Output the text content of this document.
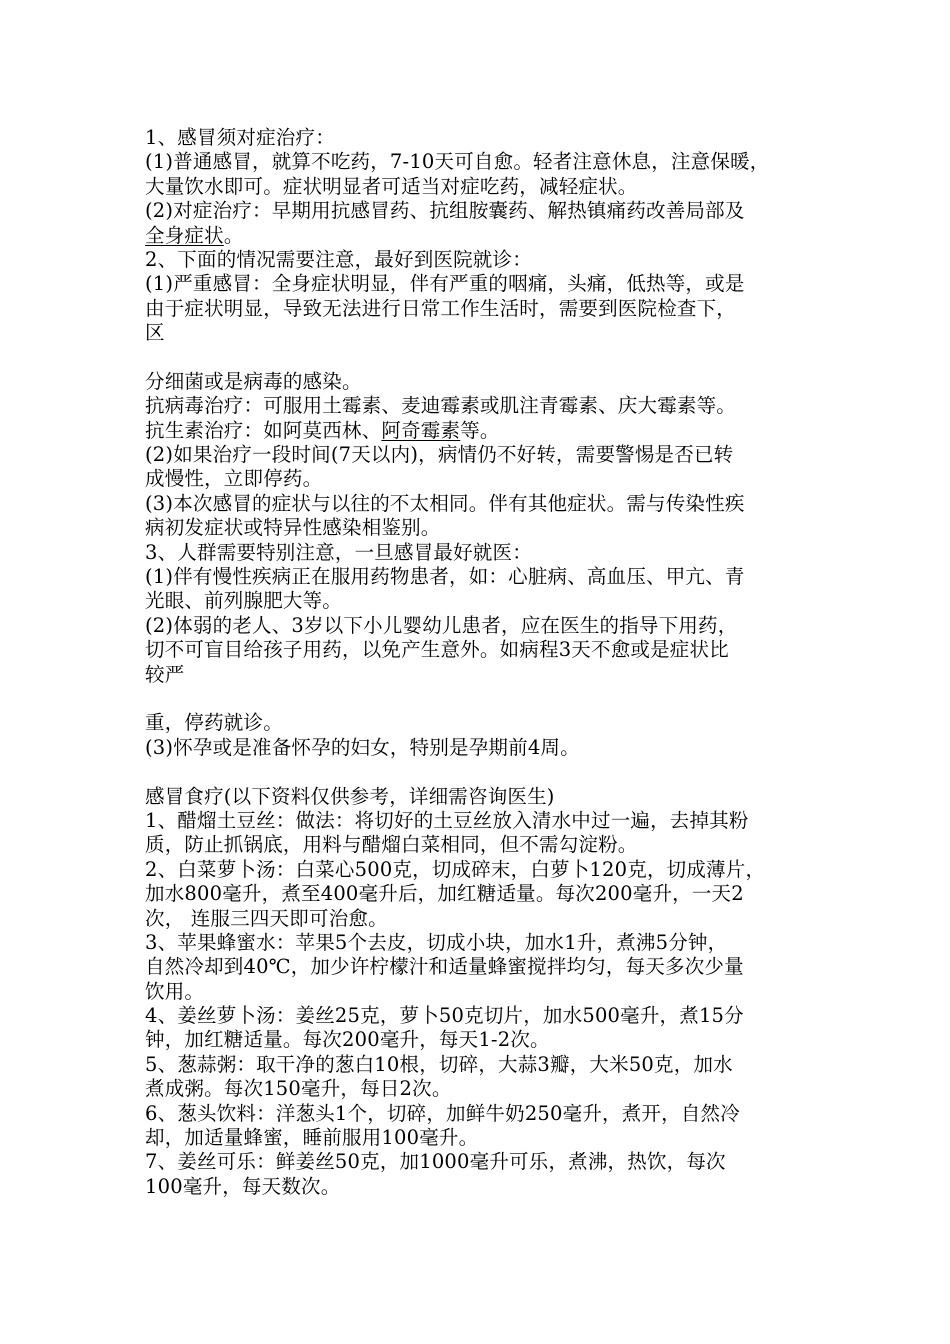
1、感冒须对症治疗：
(1)普通感冒，就算不吃药，7-10天可自愈。轻者注意休息，注意保暖，
大量饮水即可。症状明显者可适当对症吃药，减轻症状。
(2)对症治疗：早期用抗感冒药、抗组胺囊药、解热镇痛药改善局部及
全身症状。
2、下面的情况需要注意，最好到医院就诊：
(1)严重感冒：全身症状明显，伴有严重的咽痛，头痛，低热等，或是
由于症状明显，导致无法进行日常工作生活时，需要到医院检查下，
区
分细菌或是病毒的感染。
抗病毒治疗：可服用土霉素、麦迪霉素或肌注青霉素、庆大霉素等。
抗生素治疗：如阿莫西林、阿奇霉素等。
(2)如果治疗一段时间(7天以内)，病情仍不好转，需要警惕是否已转
成慢性，立即停药。
(3)本次感冒的症状与以往的不太相同。伴有其他症状。需与传染性疾
病初发症状或特异性感染相鉴别。
3、人群需要特别注意，一旦感冒最好就医：
(1)伴有慢性疾病正在服用药物患者，如：心脏病、高血压、甲亢、青
光眼、前列腺肥大等。
(2)体弱的老人、3岁以下小儿婴幼儿患者，应在医生的指导下用药，
切不可盲目给孩子用药，以免产生意外。如病程3天不愈或是症状比
较严
重，停药就诊。
(3)怀孕或是准备怀孕的妇女，特别是孕期前4周。
感冒食疗(以下资料仅供参考，详细需咨询医生)
1、醋熘土豆丝：做法：将切好的土豆丝放入清水中过一遍，去掉其粉
质，防止抓锅底，用料与醋熘白菜相同，但不需勾淀粉。
2、白菜萝卜汤：白菜心500克，切成碎末，白萝卜120克，切成薄片，
加水800毫升，煮至400毫升后，加红糖适量。每次200毫升，一天2
次， 连服三四天即可治愈。
3、苹果蜂蜜水：苹果5个去皮，切成小块，加水1升，煮沸5分钟，
自然冷却到40℃，加少许柠檬汁和适量蜂蜜搅拌均匀，每天多次少量
饮用。
4、姜丝萝卜汤：姜丝25克，萝卜50克切片，加水500毫升，煮15分
钟，加红糖适量。每次200毫升，每天1-2次。
5、葱蒜粥：取干净的葱白10根，切碎，大蒜3瓣，大米50克，加水
煮成粥。每次150毫升，每日2次。
6、葱头饮料：洋葱头1个，切碎，加鲜牛奶250毫升，煮开，自然冷
却，加适量蜂蜜，睡前服用100毫升。
7、姜丝可乐：鲜姜丝50克，加1000毫升可乐，煮沸，热饮，每次
100毫升，每天数次。
